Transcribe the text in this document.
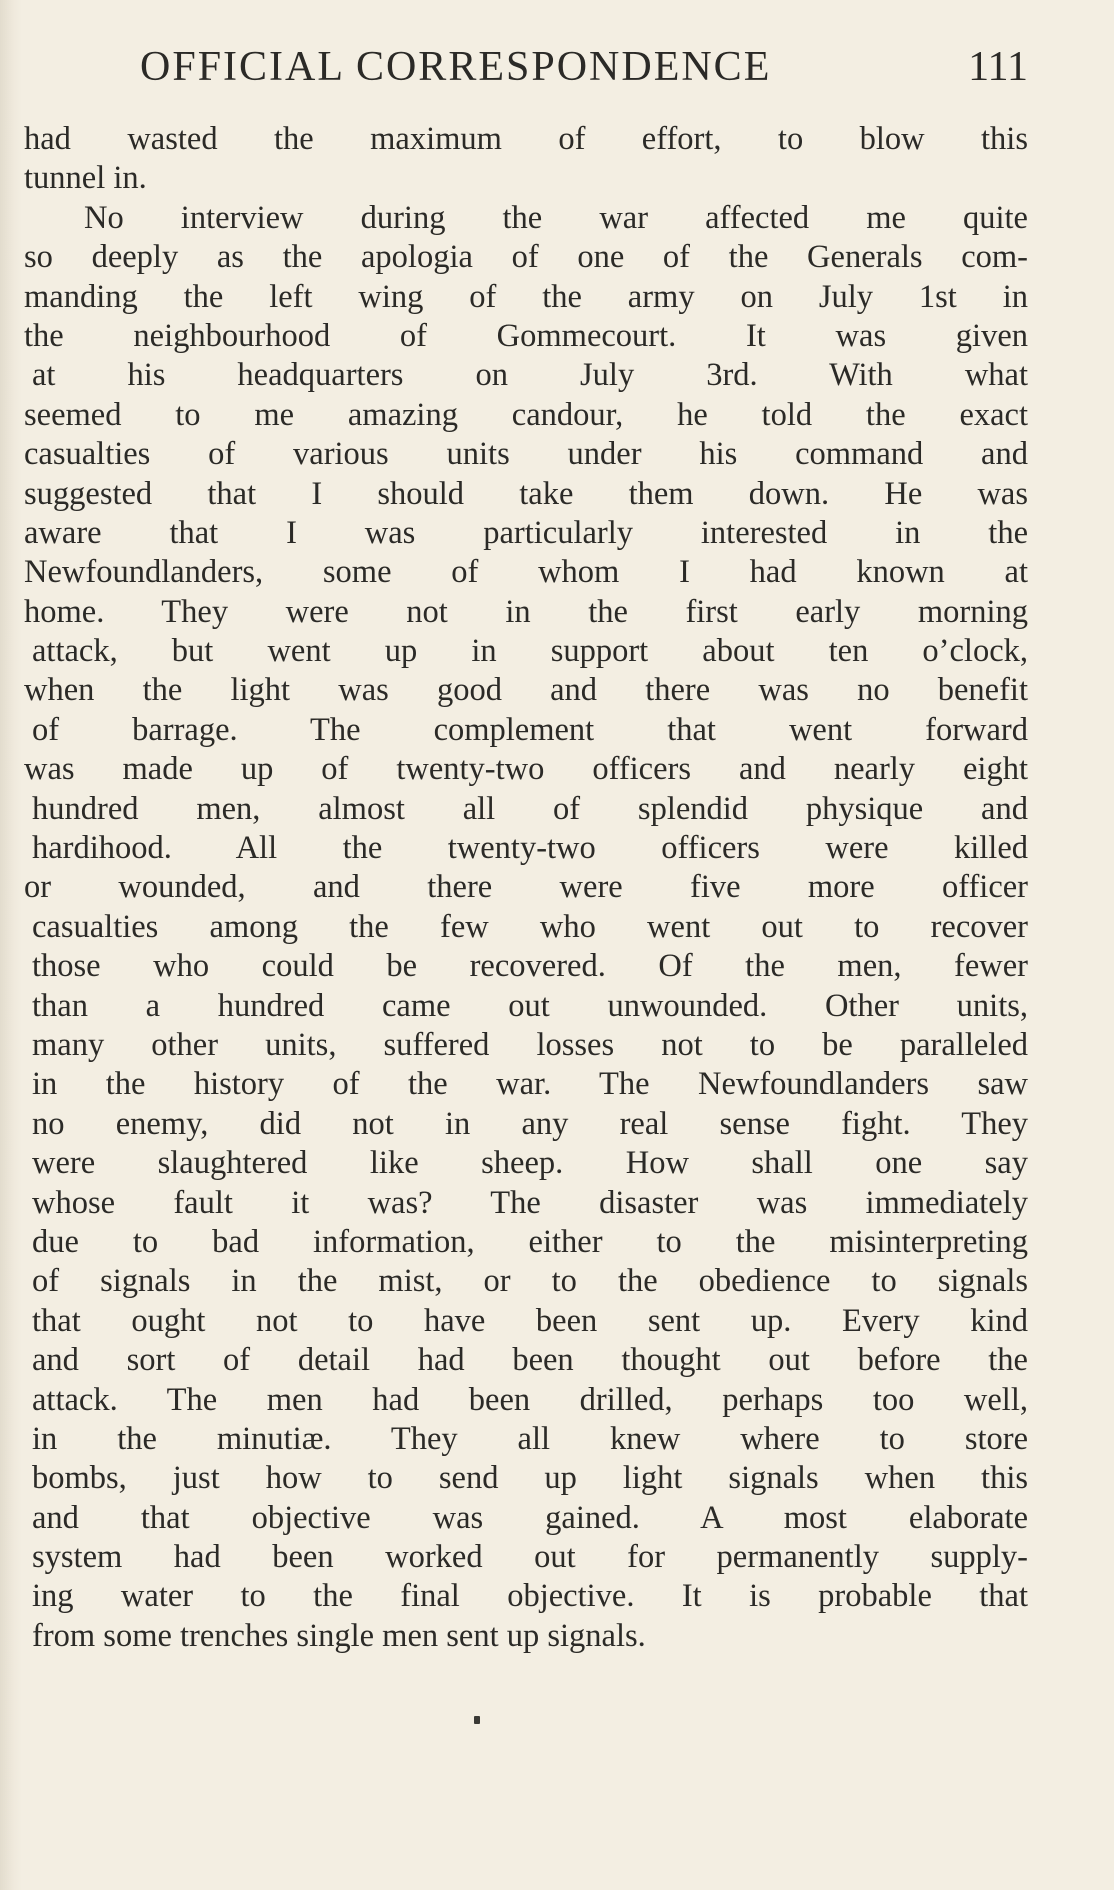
OFFICIAL CORRESPONDENCE	111
had wasted the maximum of effort, to blow this
tunnel in.
No interview during the war affected me quite
so deeply as the apologia of one of the Generals com-
manding the left wing of the army on July 1st in
the neighbourhood of Gommecourt. It was given
at his headquarters on July 3rd. With what
seemed to me amazing candour, he told the exact
casualties of various units under his command and
suggested that I should take them down. He was
aware that I was particularly interested in the
Newfoundlanders, some of whom I had known at
home. They were not in the first early morning
attack, but went up in support about ten o’clock,
when the light was good and there was no benefit
of barrage. The complement that went forward
was made up of twenty-two officers and nearly eight
hundred men, almost all of splendid physique and
hardihood. All the twenty-two officers were killed
or wounded, and there were five more officer
casualties among the few who went out to recover
those who could be recovered. Of the men, fewer
than a hundred came out unwounded. Other units,
many other units, suffered losses not to be paralleled
in the history of the war. The Newfoundlanders saw
no enemy, did not in any real sense fight. They
were slaughtered like sheep. How shall one say
whose fault it was? The disaster was immediately
due to bad information, either to the misinterpreting
of signals in the mist, or to the obedience to signals
that ought not to have been sent up. Every kind
and sort of detail had been thought out before the
attack. The men had been drilled, perhaps too well,
in the minutiæ. They all knew where to store
bombs, just how to send up light signals when this
and that objective was gained. A most elaborate
system had been worked out for permanently supply-
ing water to the final objective. It is probable that
from some trenches single men sent up signals.
